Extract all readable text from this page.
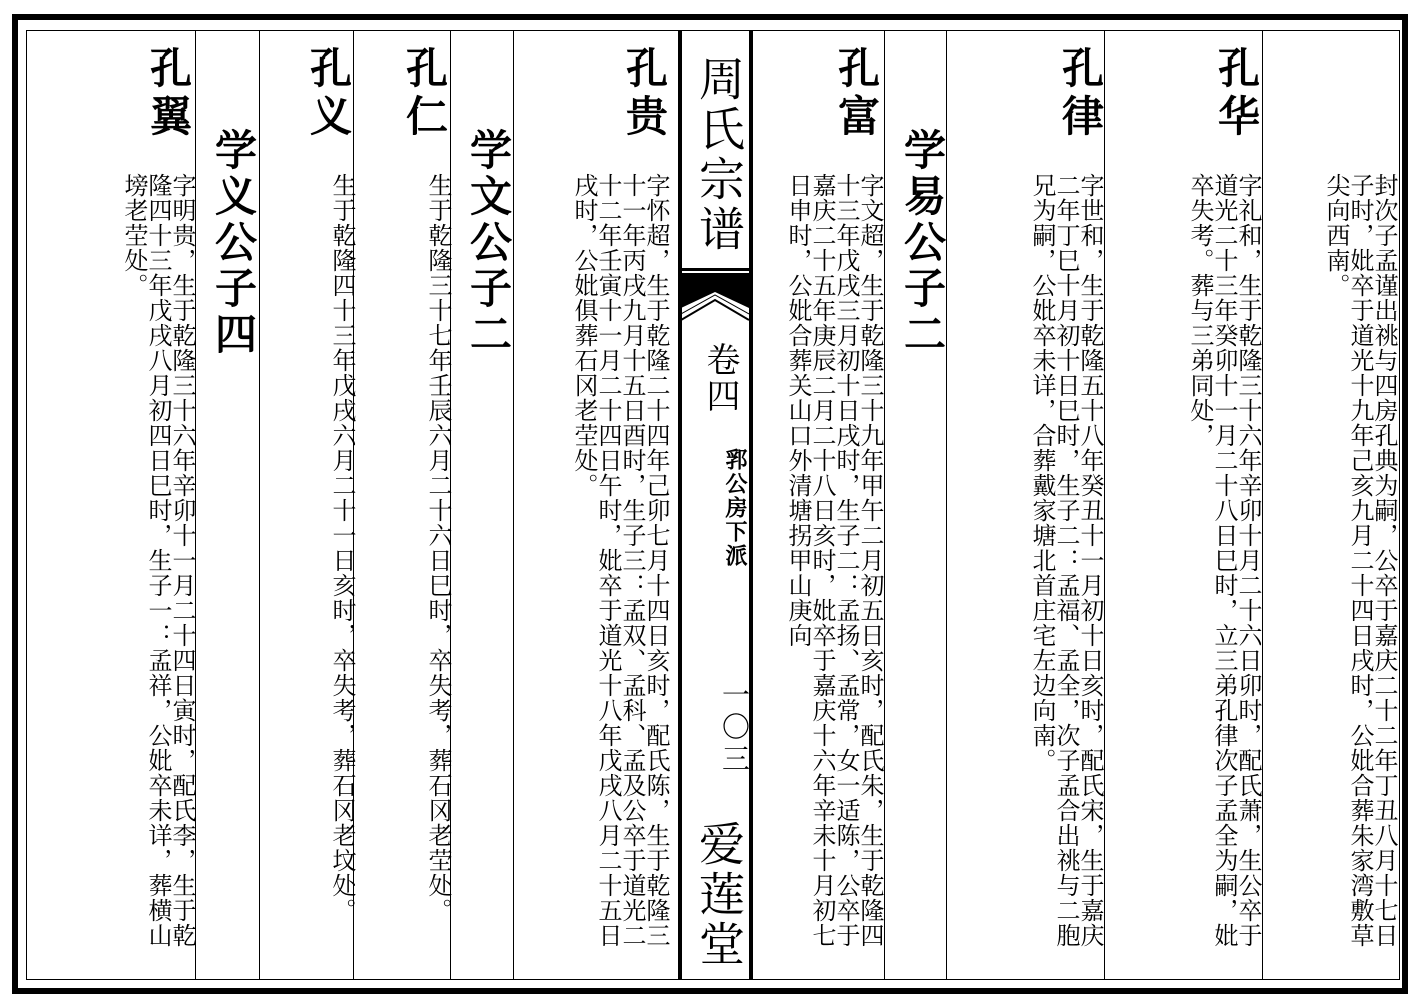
封次子孟谨出祧与四房孔典为嗣，公卒于嘉庆二十二年丁丑八月十七日子时，妣卒于道光十九年己亥九月二十四日戌时，公妣合葬朱家湾敷草尖向西南。
孔华
字礼和，生于乾隆三十六年辛卯十月二十六日卯时，配氏萧，生公卒于道光二十三年癸卯十一月二十八日巳时，立三弟孔律次子孟全为嗣，妣卒失考。葬与三弟同处，
孔律
字世和，生于乾隆五十八年癸丑十一月初十日亥时，配氏宋，生于嘉庆二年丁巳十月初十日巳时，生子二：孟福、孟全，次子孟合出祧与二胞兄为嗣，公妣卒未详，合葬戴家塘北首庄宅左边向南。
学易公子二
孔富
字文超，生于乾隆三十九年甲午二月初五日亥时，配氏朱，生于乾隆四十三年戊戌三月初十日戌时，生子二：孟扬、孟常，女一适陈，公卒于嘉庆二十五年庚辰二月二十八日亥时，妣卒于嘉庆十六年辛未十月初七日申时，公妣合葬关山口外清塘拐甲山庚向
周氏宗谱
卷四
郛公房下派
一〇三
爱莲堂
孔贵
字怀超，生于乾隆二十四年己卯七月十四日亥时，配氏陈，生于乾隆三十一年丙戌九月十五日酉时，生子三：孟双、孟科、孟及公卒于道光二十二年壬寅十一月二十四日午时，妣卒于道光十八年戊戌八月二十五日戌时，公妣俱葬石冈老茔处。
学文公子二
孔仁
生于乾隆三十七年壬辰六月二十六日巳时，卒失考，葬石冈老茔处。
孔义
生于乾隆四十三年戊戌六月二十一日亥时，卒失考，葬石冈老坟处。
学义公子四
孔翼
字明贵，生于乾隆三十六年辛卯十一月二十四日寅时，配氏李，生于乾隆四十三年戊戌八月初四日巳时，生子一：孟祥，公妣卒未详，葬横山塝老茔处。
